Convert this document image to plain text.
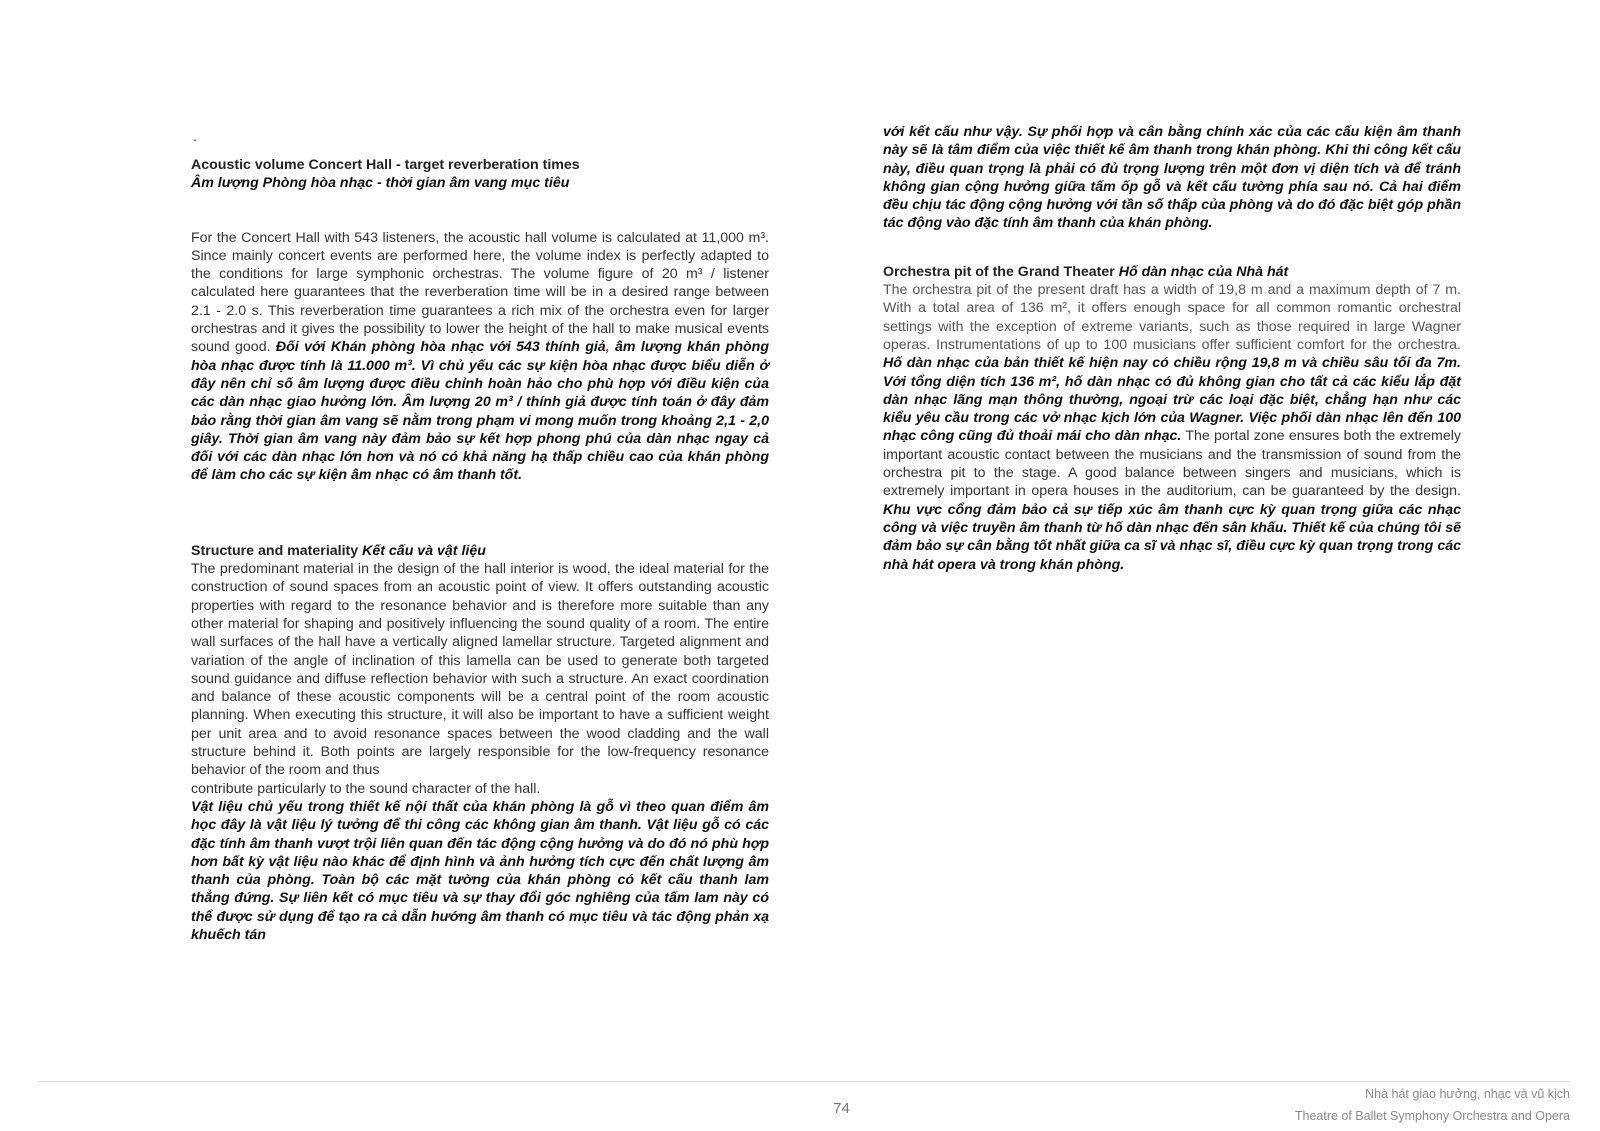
.

Acoustic volume Concert Hall - target reverberation times

Âm lượng Phòng hòa nhạc - thời gian âm vang mục tiêu

For the Concert Hall with 543 listeners, the acoustic hall volume is calculated at 11,000 m³. Since mainly concert events are performed here, the volume index is perfectly adapted to the conditions for large symphonic orchestras. The volume figure of 20 m³ / listener calculated here guarantees that the reverberation time will be in a desired range between 2.1 - 2.0 s. This reverberation time guarantees a rich mix of the orchestra even for larger orchestras and it gives the possibility to lower the height of the hall to make musical events sound good. Đối với Khán phòng hòa nhạc với 543 thính giả, âm lượng khán phòng hòa nhạc được tính là 11.000 m³. Vì chủ yếu các sự kiện hòa nhạc được biểu diễn ở đây nên chỉ số âm lượng được điều chỉnh hoàn hảo cho phù hợp với điều kiện của các dàn nhạc giao hưởng lớn. Âm lượng 20 m³ / thính giả được tính toán ở đây đảm bảo rằng thời gian âm vang sẽ nằm trong phạm vi mong muốn trong khoảng 2,1 - 2,0 giây. Thời gian âm vang này đảm bảo sự kết hợp phong phú của dàn nhạc ngay cả đối với các dàn nhạc lớn hơn và nó có khả năng hạ thấp chiều cao của khán phòng để làm cho các sự kiện âm nhạc có âm thanh tốt.

Structure and materiality Kết cấu và vật liệu

The predominant material in the design of the hall interior is wood, the ideal material for the construction of sound spaces from an acoustic point of view. It offers outstanding acoustic properties with regard to the resonance behavior and is therefore more suitable than any other material for shaping and positively influencing the sound quality of a room. The entire wall surfaces of the hall have a vertically aligned lamellar structure. Targeted alignment and variation of the angle of inclination of this lamella can be used to generate both targeted sound guidance and diffuse reflection behavior with such a structure. An exact coordination and balance of these acoustic components will be a central point of the room acoustic planning. When executing this structure, it will also be important to have a sufficient weight per unit area and to avoid resonance spaces between the wood cladding and the wall structure behind it. Both points are largely responsible for the low-frequency resonance behavior of the room and thus

contribute particularly to the sound character of the hall.

Vật liệu chủ yếu trong thiết kế nội thất của khán phòng là gỗ vì theo quan điểm âm học đây là vật liệu lý tưởng để thi công các không gian âm thanh. Vật liệu gỗ có các đặc tính âm thanh vượt trội liên quan đến tác động cộng hưởng và do đó nó phù hợp hơn bất kỳ vật liệu nào khác để định hình và ảnh hưởng tích cực đến chất lượng âm thanh của phòng. Toàn bộ các mặt tường của khán phòng có kết cấu thanh lam thẳng đứng. Sự liên kết có mục tiêu và sự thay đổi góc nghiêng của tấm lam này có thể được sử dụng để tạo ra cả dẫn hướng âm thanh có mục tiêu và tác động phản xạ khuếch tán

với kết cấu như vậy. Sự phối hợp và cân bằng chính xác của các cấu kiện âm thanh này sẽ là tâm điểm của việc thiết kế âm thanh trong khán phòng. Khi thi công kết cấu này, điều quan trọng là phải có đủ trọng lượng trên một đơn vị diện tích và để tránh không gian cộng hưởng giữa tấm ốp gỗ và kết cấu tường phía sau nó. Cả hai điểm đều chịu tác động cộng hưởng với tần số thấp của phòng và do đó đặc biệt góp phần tác động vào đặc tính âm thanh của khán phòng.

Orchestra pit of the Grand Theater Hố dàn nhạc của Nhà hát

The orchestra pit of the present draft has a width of 19,8 m and a maximum depth of 7 m. With a total area of 136 m², it offers enough space for all common romantic orchestral settings with the exception of extreme variants, such as those required in large Wagner operas. Instrumentations of up to 100 musicians offer sufficient comfort for the orchestra. Hố dàn nhạc của bản thiết kế hiện nay có chiều rộng 19,8 m và chiều sâu tối đa 7m. Với tổng diện tích 136 m², hố dàn nhạc có đủ không gian cho tất cả các kiểu lắp đặt dàn nhạc lãng mạn thông thường, ngoại trừ các loại đặc biệt, chẳng hạn như các kiểu yêu cầu trong các vở nhạc kịch lớn của Wagner. Việc phối dàn nhạc lên đến 100 nhạc công cũng đủ thoải mái cho dàn nhạc. The portal zone ensures both the extremely important acoustic contact between the musicians and the transmission of sound from the orchestra pit to the stage. A good balance between singers and musicians, which is extremely important in opera houses in the auditorium, can be guaranteed by the design. Khu vực cổng đảm bảo cả sự tiếp xúc âm thanh cực kỳ quan trọng giữa các nhạc công và việc truyền âm thanh từ hố dàn nhạc đến sân khấu. Thiết kế của chúng tôi sẽ đảm bảo sự cân bằng tốt nhất giữa ca sĩ và nhạc sĩ, điều cực kỳ quan trọng trong các nhà hát opera và trong khán phòng.

74
Nhà hát giao hưởng, nhạc và vũ kịch
Theatre of Ballet Symphony Orchestra and Opera
